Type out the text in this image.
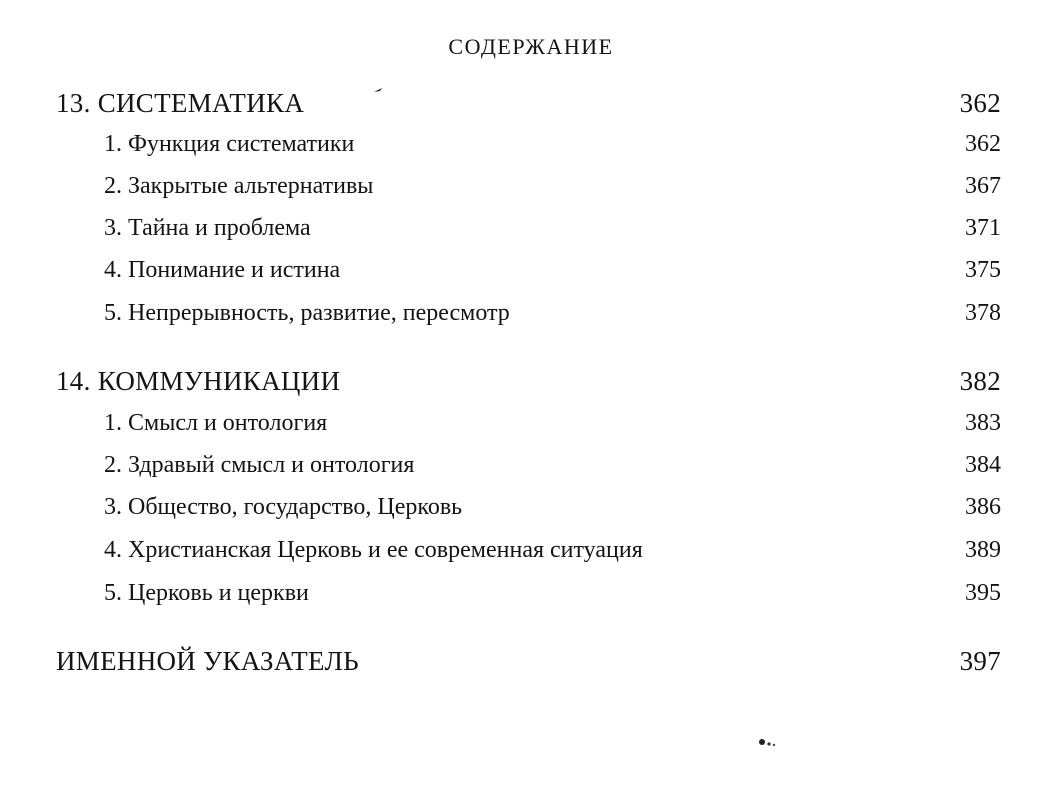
СОДЕРЖАНИЕ
13. СИСТЕМАТИКА	362
1. Функция систематики	362
2. Закрытые альтернативы	367
3. Тайна и проблема	371
4. Понимание и истина	375
5. Непрерывность, развитие, пересмотр	378
14. КОММУНИКАЦИИ	382
1. Смысл и онтология	383
2. Здравый смысл и онтология	384
3. Общество, государство, Церковь	386
4. Христианская Церковь и ее современная ситуация	389
5. Церковь и церкви	395
ИМЕННОЙ УКАЗАТЕЛЬ	397
